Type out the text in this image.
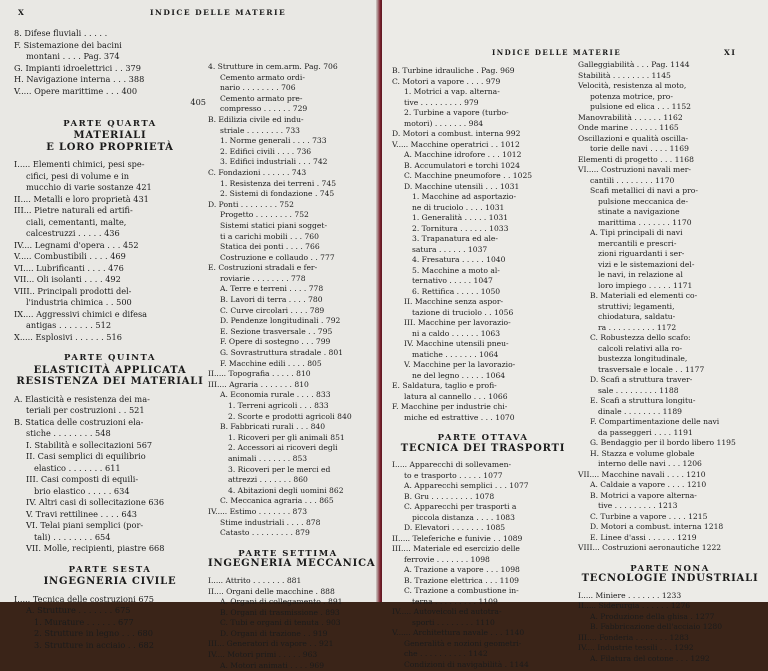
X	INDICE DELLE MATERIE
8. Difese fluviali . . . . .
F. Sistemazione dei bacini
montani . . . . Pag. 374
G. Impianti idroelettrici . . 379
H. Navigazione interna . . . 388
V..... Opere marittime . . . 400
405
PARTE QUARTA
MATERIALI
E LORO PROPRIETÀ
I..... Elementi chimici, pesi spe-
cifici, pesi di volume e in
mucchio di varie sostanze 421
II.... Metalli e loro proprietà 431
III... Pietre naturali ed artifi-
ciali, cementanti, malte,
calcestruzzi . . . . . 436
IV.... Legnami d'opera . . . 452
V..... Combustibili . . . . 469
VI.... Lubrificanti . . . . 476
VII... Oli isolanti . . . . 492
VIII.. Principali prodotti del-
l'industria chimica . . 500
IX.... Aggressivi chimici e difesa
antigas . . . . . . . 512
X..... Esplosivi . . . . . . 516
PARTE QUINTA
ELASTICITÀ APPLICATA
RESISTENZA DEI MATERIALI
A. Elasticità e resistenza dei ma-
teriali per costruzioni . . 521
B. Statica delle costruzioni ela-
stiche . . . . . . . . 548
I. Stabilità e sollecitazioni 567
II. Casi semplici di equilibrio
elastico . . . . . . . 611
III. Casi composti di equili-
brio elastico . . . . . 634
IV. Altri casi di sollecitazione 636
V. Travi rettilinee . . . . 643
VI. Telai piani semplici (por-
tali) . . . . . . . . 654
VII. Molle, recipienti, piastre 668
PARTE SESTA
INGEGNERIA CIVILE
I..... Tecnica delle costruzioni 675
A. Strutture . . . . . . . 675
1. Murature . . . . . . 677
2. Strutture in legno . . . 680
3. Strutture in acciaio . . 682
4. Strutture in cem.arm. Pag. 706
Cemento armato ordi-
nario . . . . . . . . 706
Cemento armato pre-
compresso . . . . . . 729
B. Edilizia civile ed indu-
striale . . . . . . . . 733
1. Norme generali . . . . 733
2. Edifici civili . . . . 736
3. Edifici industriali . . . 742
C. Fondazioni . . . . . . 743
1. Resistenza dei terreni . 745
2. Sistemi di fondazione . 745
D. Ponti . . . . . . . . 752
Progetto . . . . . . . . 752
Sistemi statici piani sogget-
ti a carichi mobili . . . 760
Statica dei ponti . . . . 766
Costruzione e collaudo . . 777
E. Costruzioni stradali e fer-
roviarie . . . . . . . . 778
A. Terre e terreni . . . . 778
B. Lavori di terra . . . . 780
C. Curve circolari . . . . 789
D. Pendenze longitudinali . 792
E. Sezione trasversale . . 795
F. Opere di sostegno . . . 799
G. Sovrastruttura stradale . 801
F. Macchine edili . . . . 805
II..... Topografia . . . . . 810
III.... Agraria . . . . . . . 810
A. Economia rurale . . . . 833
1. Terreni agricoli . . . 833
2. Scorte e prodotti agricoli 840
B. Fabbricati rurali . . . 840
1. Ricoveri per gli animali 851
2. Accessori ai ricoveri degli
animali . . . . . . . 853
3. Ricoveri per le merci ed
attrezzi . . . . . . . 860
4. Abitazioni degli uomini 862
C. Meccanica agraria . . . 865
IV..... Estimo . . . . . . . 873
Stime industriali . . . . 878
Catasto . . . . . . . . . 879
PARTE SETTIMA
INGEGNERIA MECCANICA
I..... Attrito . . . . . . . 881
II.... Organi delle macchine . 888
A. Organi di collegamento . 891
B. Organi di trasmissione . 893
C. Tubi e organi di tenuta . 903
D. Organi di trazione . . 919
III... Generatori di vapore . . 921
IV.... Motori primi . . . . . 963
A. Motori animati . . . . 969
INDICE DELLE MATERIE	XI
B. Turbine idrauliche . Pag. 969
C. Motori a vapore . . . . 979
1. Motrici a vap. alterna-
tive . . . . . . . . . 979
2. Turbine a vapore (turbo-
motori) . . . . . . . 984
D. Motori a combust. interna 992
V..... Macchine operatrici . . 1012
A. Macchine idrofore . . . 1012
B. Accumulatori e torchi 1024
C. Macchine pneumofore . . 1025
D. Macchine utensili . . . 1031
1. Macchine ad asportazio-
ne di truciolo . . . . 1031
1. Generalità . . . . . 1031
2. Tornitura . . . . . . 1033
3. Trapanatura ed ale-
satura . . . . . . 1037
4. Fresatura . . . . . 1040
5. Macchine a moto al-
ternativo . . . . . 1047
6. Rettifica . . . . . 1050
II. Macchine senza aspor-
tazione di truciolo . . 1056
III. Macchine per lavorazio-
ni a caldo . . . . . . 1063
IV. Macchine utensili pneu-
matiche . . . . . . . 1064
V. Macchine per la lavorazio-
ne del legno . . . . . 1064
E. Saldatura, taglio e profi-
latura al cannello . . . 1066
F. Macchine per industrie chi-
miche ed estrattive . . . 1070
PARTE OTTAVA
TECNICA DEI TRASPORTI
I..... Apparecchi di sollevamen-
to e trasporto . . . . . 1077
A. Apparecchi semplici . . . 1077
B. Gru . . . . . . . . . 1078
C. Apparecchi per trasporti a
piccola distanza . . . . 1083
D. Elevatori . . . . . . . 1085
II..... Teleferiche e funivie . . 1089
III.... Materiale ed esercizio delle
ferrovie . . . . . . . 1098
A. Trazione a vapore . . . 1098
B. Trazione elettrica . . . 1109
C. Trazione a combustione in-
terna . . . . . . . . . 1109
IV..... Autoveicoli ed autotra-
sporti . . . . . . . . 1110
V...... Architettura navale . . . 1140
Generalità e nozioni geometri-
che . . . . . . . . . . 1142
Condizioni di navigabilità . 1144
Galleggiabilità . . . Pag. 1144
Stabilità . . . . . . . . 1145
Velocità, resistenza al moto,
potenza motrice, pro-
pulsione ed elica . . . 1152
Manovrabilità . . . . . . 1162
Onde marine . . . . . . 1165
Oscillazioni e qualità oscilla-
torie delle navi . . . . 1169
Elementi di progetto . . . 1168
VI..... Costruzioni navali mer-
cantili . . . . . . . . 1170
Scafi metallici di navi a pro-
pulsione meccanica de-
stinate a navigazione
marittima . . . . . . . 1170
A. Tipi principali di navi
mercantili e prescri-
zioni riguardanti i ser-
vizi e le sistemazioni del-
le navi, in relazione al
loro impiego . . . . . 1171
B. Materiali ed elementi co-
struttivi; legamenti,
chiodatura, saldatu-
ra . . . . . . . . . . 1172
C. Robustezza dello scafo:
calcoli relativi alla ro-
bustezza longitudinale,
trasversale e locale . . 1177
D. Scafi a struttura traver-
sale . . . . . . . . . 1188
E. Scafi a struttura longitu-
dinale . . . . . . . . 1189
F. Compartimentazione delle navi
da passeggeri . . . . 1191
G. Bendaggio per il bordo libero 1195
H. Stazza e volume globale
interno delle navi . . . 1206
VII.... Macchine navali . . . . 1210
A. Caldaie a vapore . . . . 1210
B. Motrici a vapore alterna-
tive . . . . . . . . . 1213
C. Turbine a vapore . . . . 1215
D. Motori a combust. interna 1218
E. Linee d'assi . . . . . . 1219
VIII... Costruzioni aeronautiche 1222
PARTE NONA
TECNOLOGIE INDUSTRIALI
I..... Miniere . . . . . . . 1233
II..... Siderurgia . . . . . . 1276
A. Produzione della ghisa . 1277
B. Fabbricazione dell'acciaio 1280
III.... Fonderia . . . . . . . 1283
IV.... Industrie tessili . . . 1292
A. Filatura del cotone . . . 1292
